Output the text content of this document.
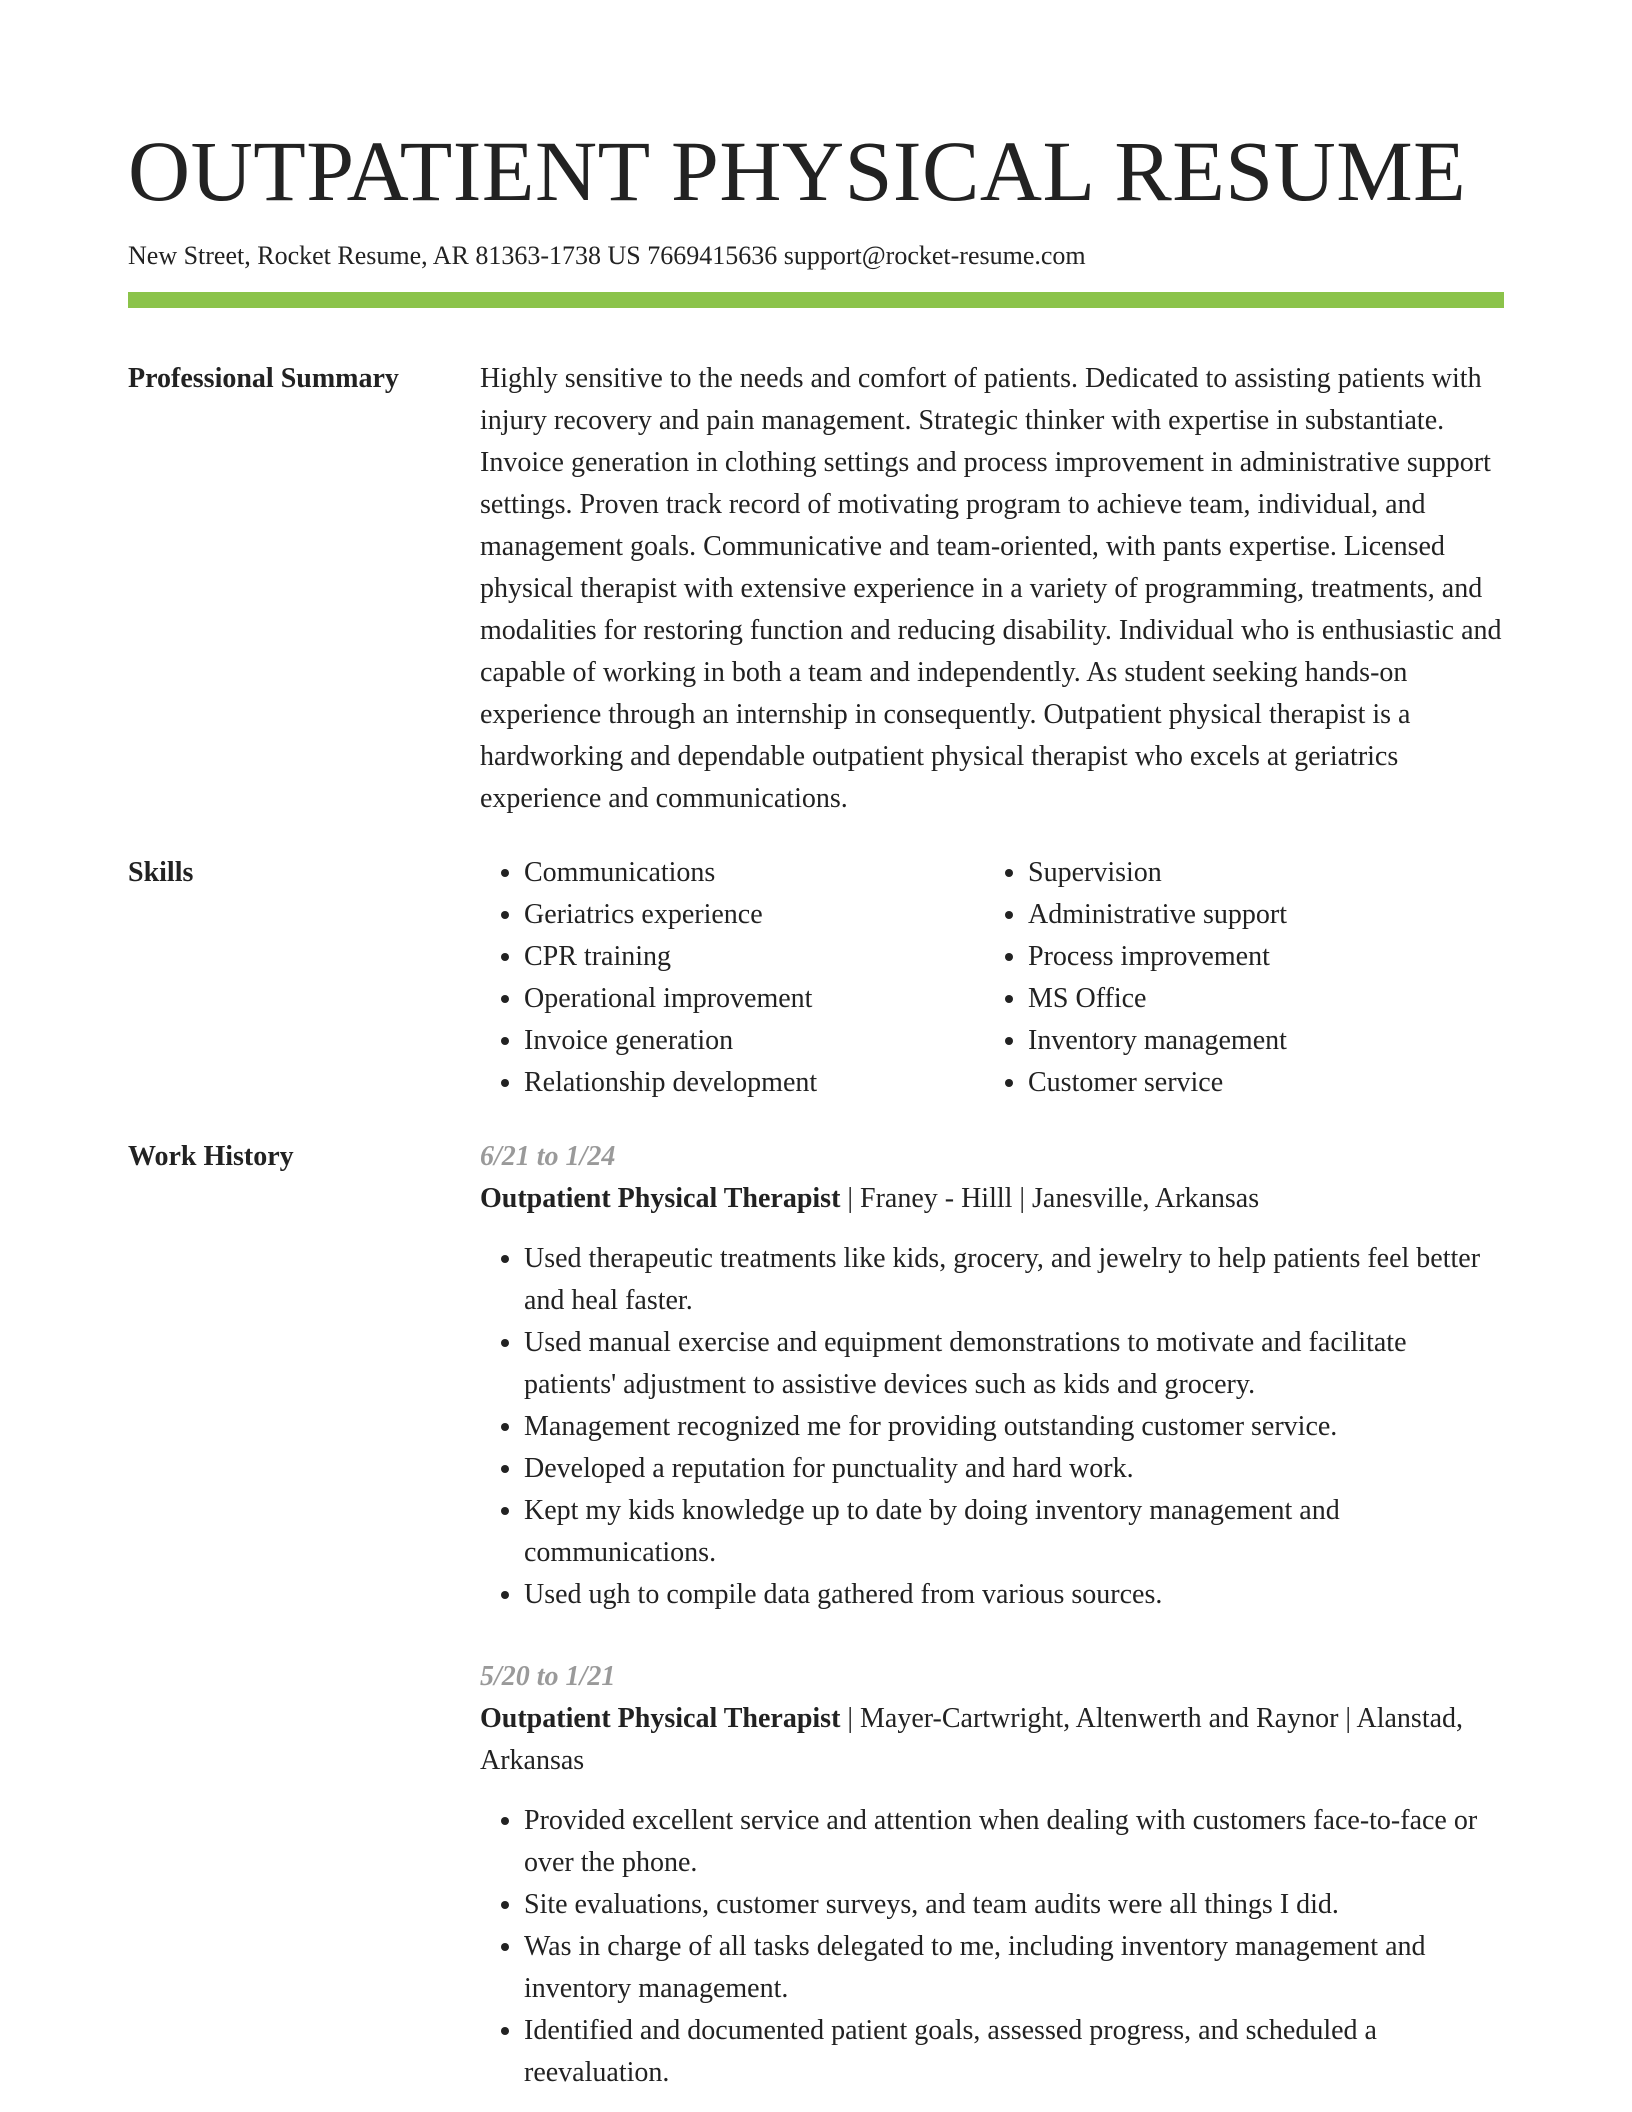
OUTPATIENT PHYSICAL RESUME
New Street, Rocket Resume, AR 81363-1738 US 7669415636 support@rocket-resume.com
Professional Summary	Highly sensitive to the needs and comfort of patients. Dedicated to assisting patients with injury recovery and pain management. Strategic thinker with expertise in substantiate. Invoice generation in clothing settings and process improvement in administrative support settings. Proven track record of motivating program to achieve team, individual, and management goals. Communicative and team-oriented, with pants expertise. Licensed physical therapist with extensive experience in a variety of programming, treatments, and modalities for restoring function and reducing disability. Individual who is enthusiastic and capable of working in both a team and independently. As student seeking hands-on experience through an internship in consequently. Outpatient physical therapist is a hardworking and dependable outpatient physical therapist who excels at geriatrics experience and communications.

Skills
•	Communications
• Geriatrics experience
• CPR training
• Operational improvement
• Invoice generation
• Relationship development
• Supervision
• Administrative support
• Process improvement
• MS Office
• Inventory management
• Customer service
Work History	6/21 to 1/24
Outpatient Physical Therapist | Franey - Hilll | Janesville, Arkansas
• Used therapeutic treatments like kids, grocery, and jewelry to help patients feel better and heal faster.
• Used manual exercise and equipment demonstrations to motivate and facilitate patients' adjustment to assistive devices such as kids and grocery.
• Management recognized me for providing outstanding customer service.
• Developed a reputation for punctuality and hard work.
• Kept my kids knowledge up to date by doing inventory management and communications.
• Used ugh to compile data gathered from various sources.
5/20 to 1/21
Outpatient Physical Therapist | Mayer-Cartwright, Altenwerth and Raynor | Alanstad, Arkansas
• Provided excellent service and attention when dealing with customers face-to-face or over the phone.
• Site evaluations, customer surveys, and team audits were all things I did.
• Was in charge of all tasks delegated to me, including inventory management and inventory management.
• Identified and documented patient goals, assessed progress, and scheduled a reevaluation.
